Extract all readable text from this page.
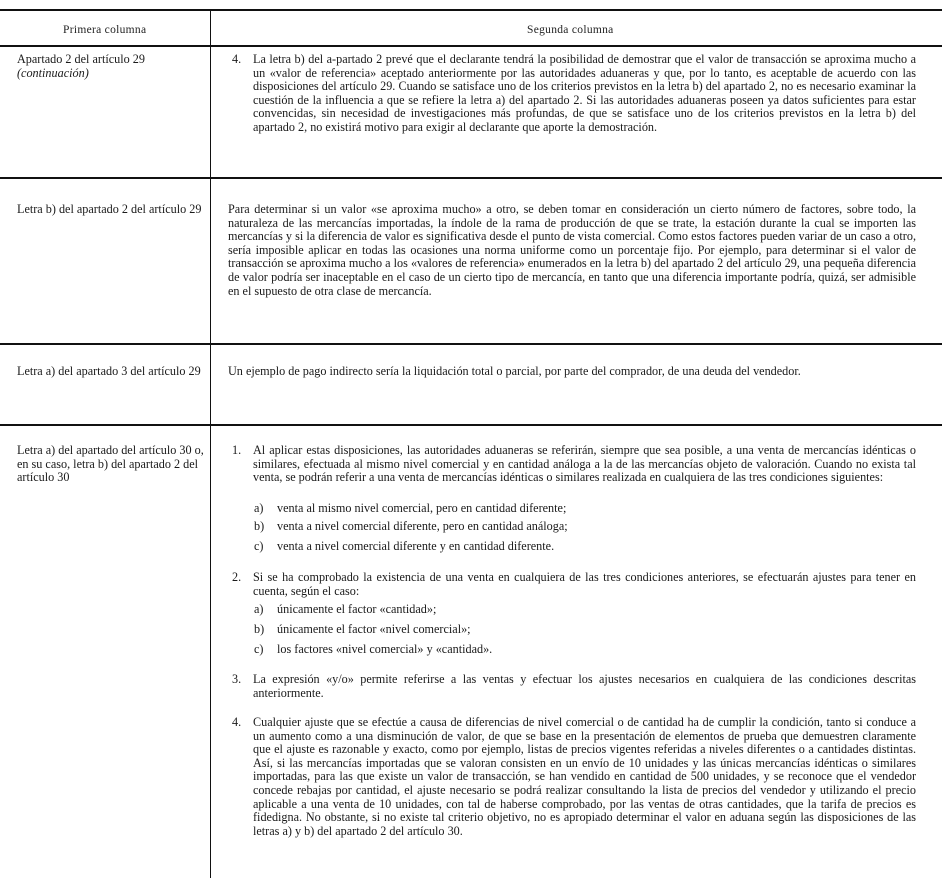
Primera columna	Segunda columna
Apartado 2 del artículo 29
(continuación)
4. La letra b) del a-partado 2 prevé que el declarante tendrá la posibilidad de demostrar que el valor de transacción se aproxima mucho a un «valor de referencia» aceptado anteriormente por las autoridades aduaneras y que, por lo tanto, es aceptable de acuerdo con las disposiciones del artículo 29. Cuando se satisface uno de los criterios previstos en la letra b) del apartado 2, no es necesario examinar la cuestión de la influencia a que se refiere la letra a) del apartado 2. Si las autoridades aduaneras poseen ya datos suficientes para estar convencidas, sin necesidad de investigaciones más profundas, de que se satisface uno de los criterios previstos en la letra b) del apartado 2, no existirá motivo para exigir al declarante que aporte la demostración.
Letra b) del apartado 2 del artículo 29 Para determinar si un valor «se aproxima mucho» a otro, se deben tomar en consideración un cierto número de factores, sobre todo, la naturaleza de las mercancías importadas, la índole de la rama de producción de que se trate, la estación durante la cual se importen las mercancías y si la diferencia de valor es significativa desde el punto de vista comercial. Como estos factores pueden variar de un caso a otro, sería imposible aplicar en todas las ocasiones una norma uniforme como un porcentaje fijo. Por ejemplo, para determinar si el valor de transacción se aproxima mucho a los «valores de referencia» enumerados en la letra b) del apartado 2 del artículo 29, una pequeña diferencia de valor podría ser inaceptable en el caso de un cierto tipo de mercancía, en tanto que una diferencia importante podría, quizá, ser admisible en el supuesto de otra clase de mercancía.
Letra a) del apartado 3 del artículo 29	Un ejemplo de pago indirecto sería la liquidación total o parcial, por parte del comprador, de una deuda del vendedor.
Letra a) del apartado del artículo 30 o, en su caso, letra b) del apartado 2 del artículo 30
1. Al aplicar estas disposiciones, las autoridades aduaneras se referirán, siempre que sea posible, a una venta de mercancías idénticas o similares, efectuada al mismo nivel comercial y en cantidad análoga a la de las mercancías objeto de valoración. Cuando no exista tal venta, se podrán referir a una venta de mercancías idénticas o similares realizada en cualquiera de las tres condiciones siguientes:
a) venta al mismo nivel comercial, pero en cantidad diferente;
b) venta a nivel comercial diferente, pero en cantidad análoga;
c) venta a nivel comercial diferente y en cantidad diferente.
2. Si se ha comprobado la existencia de una venta en cualquiera de las tres condiciones anteriores, se efectuarán ajustes para tener en cuenta, según el caso:
a) únicamente el factor «cantidad»;
b) únicamente el factor «nivel comercial»;
c) los factores «nivel comercial» y «cantidad».
3. La expresión «y/o» permite referirse a las ventas y efectuar los ajustes necesarios en cualquiera de las condiciones descritas anteriormente.
4. Cualquier ajuste que se efectúe a causa de diferencias de nivel comercial o de cantidad ha de cumplir la condición, tanto si conduce a un aumento como a una disminución de valor, de que se base en la presentación de elementos de prueba que demuestren claramente que el ajuste es razonable y exacto, como por ejemplo, listas de precios vigentes referidas a niveles diferentes o a cantidades distintas. Así, si las mercancías importadas que se valoran consisten en un envío de 10 unidades y las únicas mercancías idénticas o similares importadas, para las que existe un valor de transacción, se han vendido en cantidad de 500 unidades, y se reconoce que el vendedor concede rebajas por cantidad, el ajuste necesario se podrá realizar consultando la lista de precios del vendedor y utilizando el precio aplicable a una venta de 10 unidades, con tal de haberse comprobado, por las ventas de otras cantidades, que la tarifa de precios es fidedigna. No obstante, si no existe tal criterio objetivo, no es apropiado determinar el valor en aduana según las disposiciones de las letras a) y b) del apartado 2 del artículo 30.
